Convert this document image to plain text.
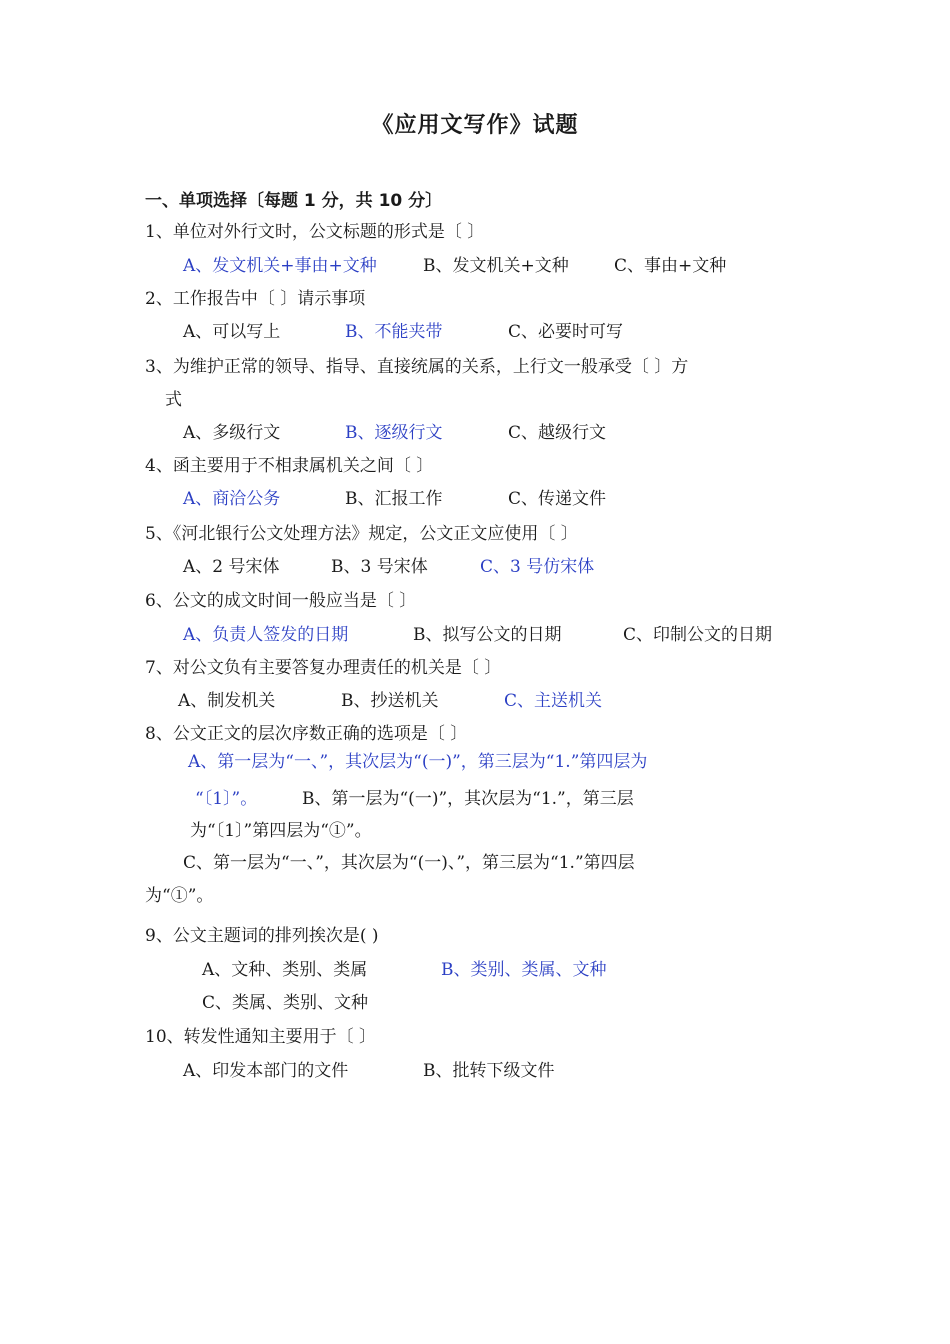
《应用文写作》试题
一、单项选择〔每题 1 分，共 10 分〕
1、单位对外行文时，公文标题的形式是〔 〕
A、发文机关+事由+文种	B、发文机关+文种	C、事由+文种
2、工作报告中〔 〕请示事项
A、可以写上	B、不能夹带	C、必要时可写
3、为维护正常的领导、指导、直接统属的关系，上行文一般承受〔 〕方
式
A、多级行文	B、逐级行文	C、越级行文
4、函主要用于不相隶属机关之间〔 〕
A、商洽公务	B、汇报工作	C、传递文件
5、《河北银行公文处理方法》规定，公文正文应使用〔 〕
A、2 号宋体	B、3 号宋体	C、3 号仿宋体
6、公文的成文时间一般应当是〔 〕
A、负责人签发的日期	B、拟写公文的日期	C、印制公文的日期
7、对公文负有主要答复办理责任的机关是〔 〕
A、制发机关	B、抄送机关	C、主送机关
8、公文正文的层次序数正确的选项是〔 〕
A、第一层为“一、”，其次层为“(一)”，第三层为“1.”第四层为
“〔1〕”。	B、第一层为“(一)”，其次层为“1.”，第三层
为“〔1〕”第四层为“①”。
C、第一层为“一、”，其次层为“(一)、”，第三层为“1.”第四层
为“①”。
9、公文主题词的排列挨次是( )
A、文种、类别、类属	B、类别、类属、文种
C、类属、类别、文种
10、转发性通知主要用于〔 〕
A、印发本部门的文件	B、批转下级文件
